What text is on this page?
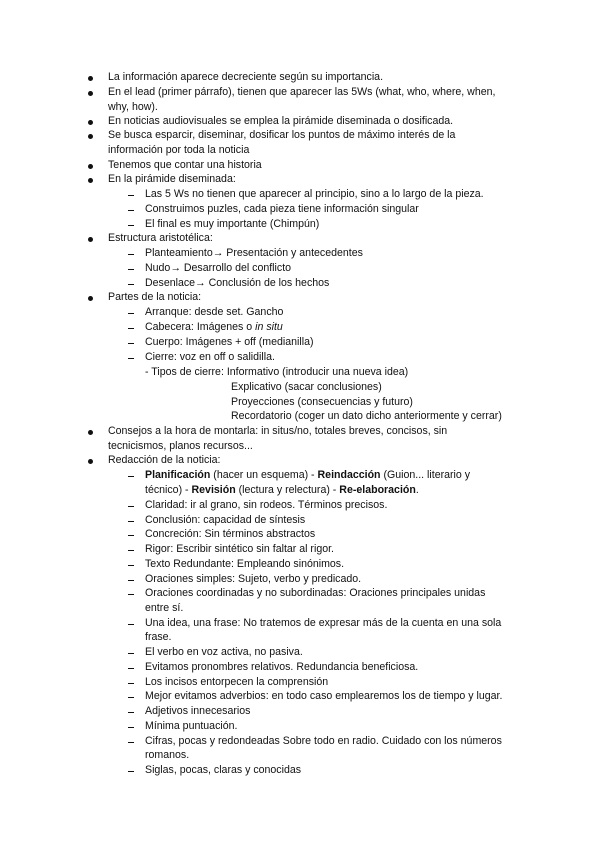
La información aparece decreciente según su importancia.
En el lead (primer párrafo), tienen que aparecer las 5Ws (what, who, where, when,
why, how).
En noticias audiovisuales se emplea la pirámide diseminada o dosificada.
Se busca esparcir, diseminar, dosificar los puntos de máximo interés de la
información por toda la noticia
Tenemos que contar una historia
En la pirámide diseminada:
Las 5 Ws no tienen que aparecer al principio, sino a lo largo de la pieza.
Construimos puzles, cada pieza tiene información singular
El final es muy importante (Chimpún)
Estructura aristotélica:
Planteamiento→ Presentación y antecedentes
Nudo→ Desarrollo del conflicto
Desenlace→ Conclusión de los hechos
Partes de la noticia:
Arranque: desde set. Gancho
Cabecera: Imágenes o in situ
Cuerpo: Imágenes + off (medianilla)
Cierre: voz en off o salidilla.
- Tipos de cierre: Informativo (introducir una nueva idea)
Explicativo (sacar conclusiones)
Proyecciones (consecuencias y futuro)
Recordatorio (coger un dato dicho anteriormente y cerrar)
Consejos a la hora de montarla: in situs/no, totales breves, concisos, sin
tecnicismos, planos recursos...
Redacción de la noticia:
Planificación (hacer un esquema) - Reindacción (Guion... literario y
técnico) - Revisión (lectura y relectura) - Re-elaboración.
Claridad: ir al grano, sin rodeos. Términos precisos.
Conclusión: capacidad de síntesis
Concreción: Sin términos abstractos
Rigor: Escribir sintético sin faltar al rigor.
Texto Redundante: Empleando sinónimos.
Oraciones simples: Sujeto, verbo y predicado.
Oraciones coordinadas y no subordinadas: Oraciones principales unidas
entre sí.
Una idea, una frase: No tratemos de expresar más de la cuenta en una sola
frase.
El verbo en voz activa, no pasiva.
Evitamos pronombres relativos. Redundancia beneficiosa.
Los incisos entorpecen la comprensión
Mejor evitamos adverbios: en todo caso emplearemos los de tiempo y lugar.
Adjetivos innecesarios
Mínima puntuación.
Cifras, pocas y redondeadas Sobre todo en radio. Cuidado con los números
romanos.
Siglas, pocas, claras y conocidas
